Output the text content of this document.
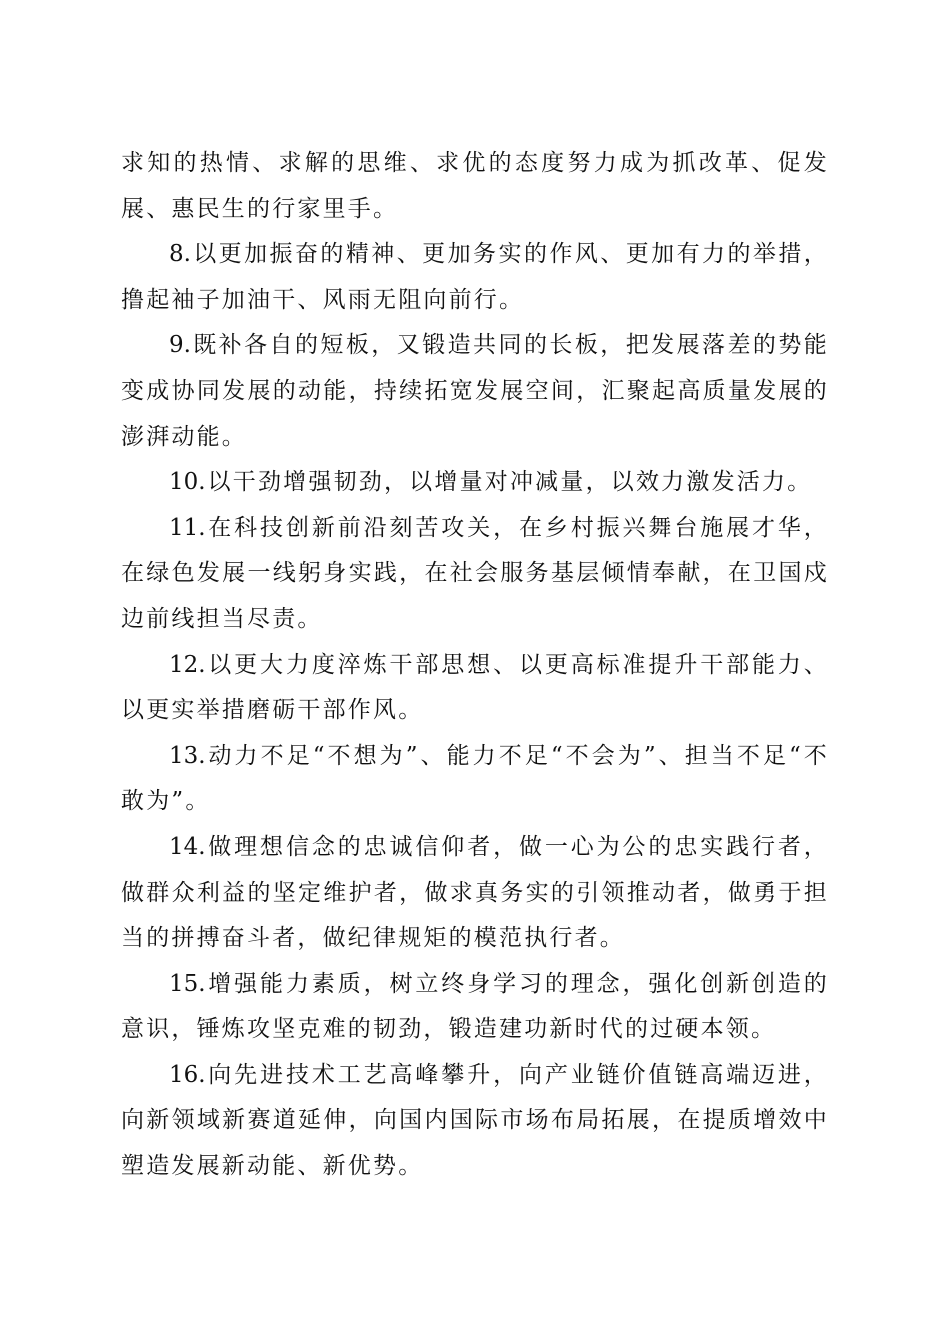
求知的热情、求解的思维、求优的态度努力成为抓改革、促发展、惠民生的行家里手。

8.以更加振奋的精神、更加务实的作风、更加有力的举措，撸起袖子加油干、风雨无阻向前行。

9.既补各自的短板，又锻造共同的长板，把发展落差的势能变成协同发展的动能，持续拓宽发展空间，汇聚起高质量发展的澎湃动能。

10.以干劲增强韧劲，以增量对冲减量，以效力激发活力。

11.在科技创新前沿刻苦攻关，在乡村振兴舞台施展才华，在绿色发展一线躬身实践，在社会服务基层倾情奉献，在卫国戍边前线担当尽责。

12.以更大力度淬炼干部思想、以更高标准提升干部能力、以更实举措磨砺干部作风。

13.动力不足“不想为”、能力不足“不会为”、担当不足“不敢为”。

14.做理想信念的忠诚信仰者，做一心为公的忠实践行者，做群众利益的坚定维护者，做求真务实的引领推动者，做勇于担当的拼搏奋斗者，做纪律规矩的模范执行者。

15.增强能力素质，树立终身学习的理念，强化创新创造的意识，锤炼攻坚克难的韧劲，锻造建功新时代的过硬本领。

16.向先进技术工艺高峰攀升，向产业链价值链高端迈进，向新领域新赛道延伸，向国内国际市场布局拓展，在提质增效中塑造发展新动能、新优势。
